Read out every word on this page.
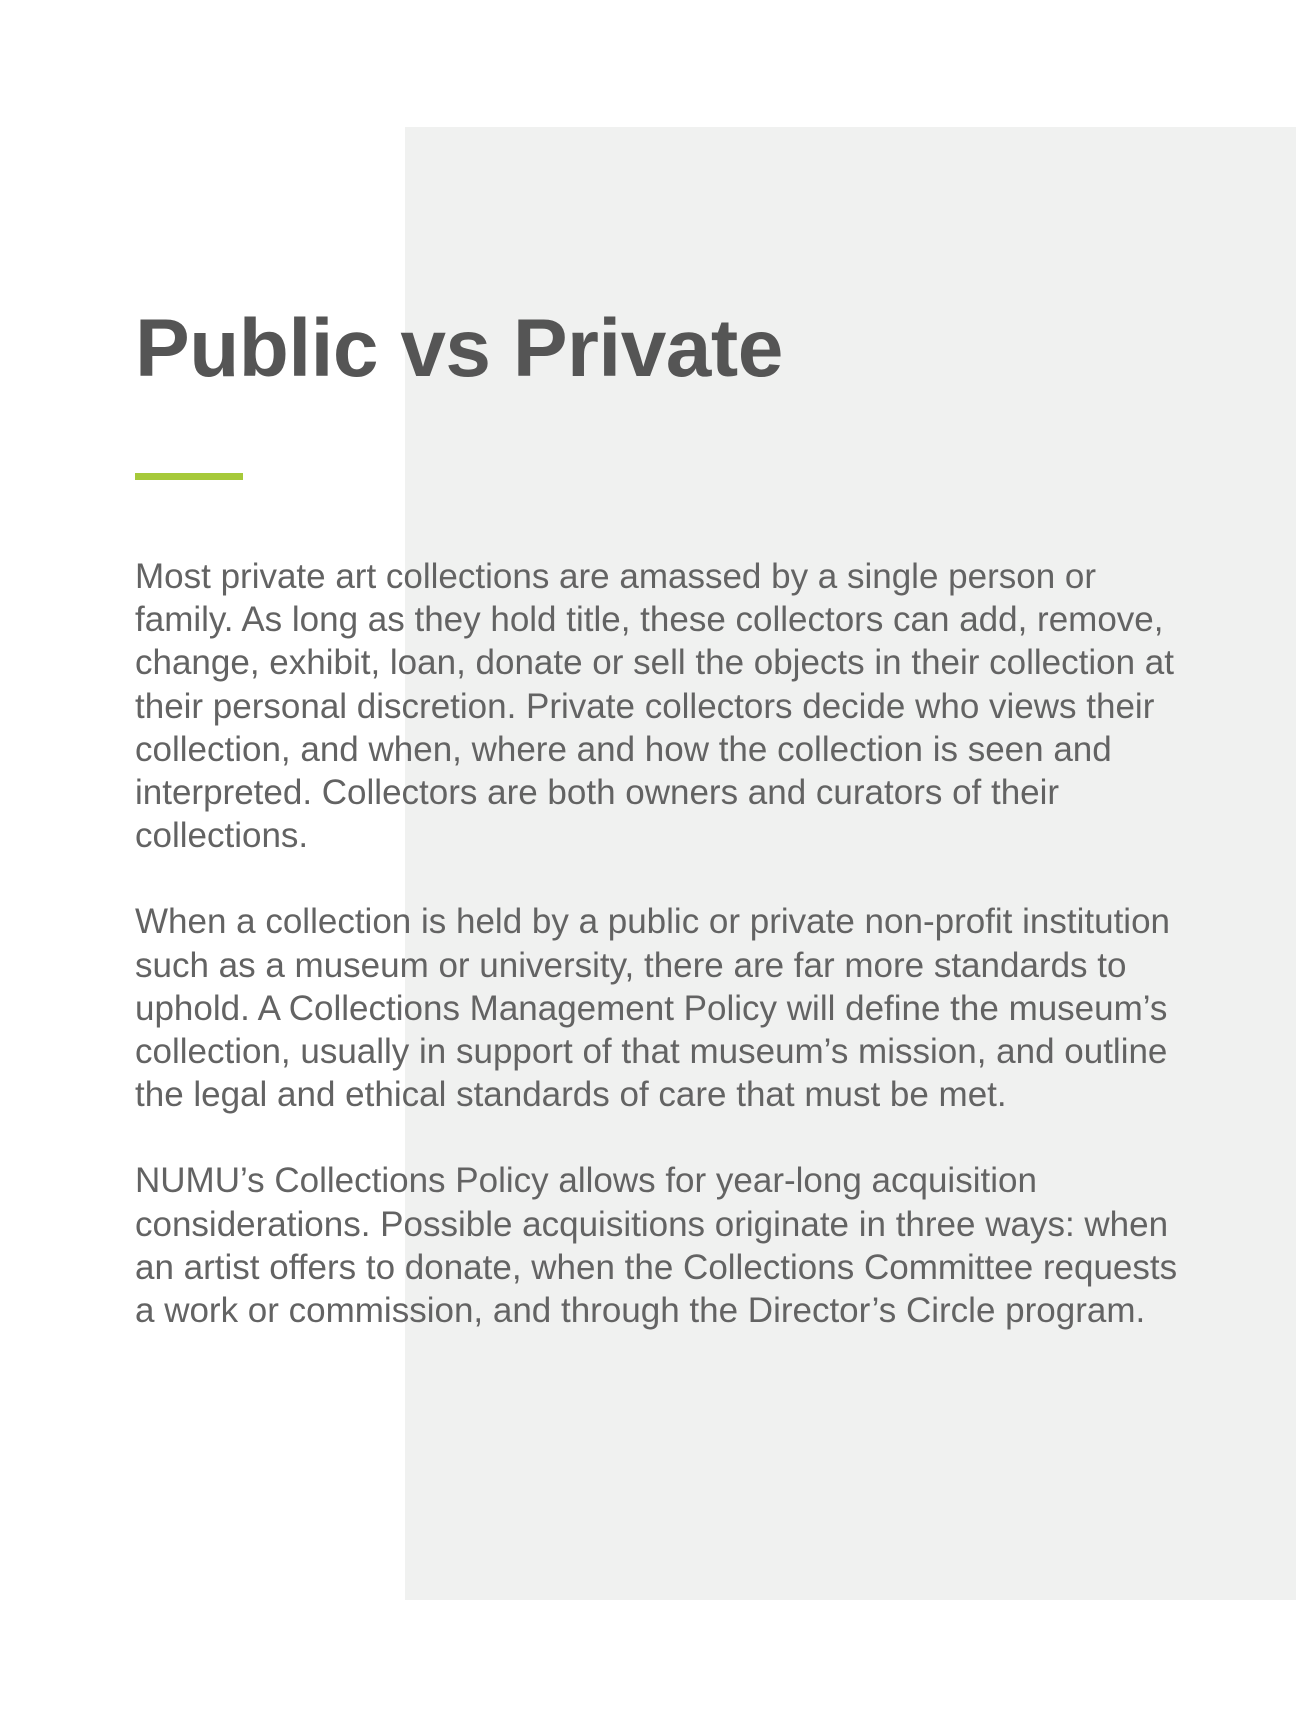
Public vs Private

Most private art collections are amassed by a single person or family. As long as they hold title, these collectors can add, remove, change, exhibit, loan, donate or sell the objects in their collection at their personal discretion. Private collectors decide who views their collection, and when, where and how the collection is seen and interpreted. Collectors are both owners and curators of their collections.

When a collection is held by a public or private non-profit institution such as a museum or university, there are far more standards to uphold. A Collections Management Policy will define the museum’s collection, usually in support of that museum’s mission, and outline the legal and ethical standards of care that must be met.

NUMU’s Collections Policy allows for year-long acquisition considerations. Possible acquisitions originate in three ways: when an artist offers to donate, when the Collections Committee requests a work or commission, and through the Director’s Circle program.
